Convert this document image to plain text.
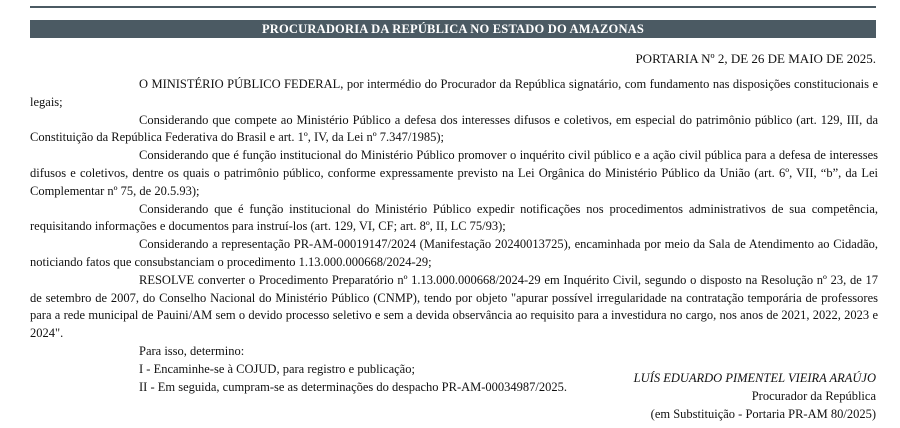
PROCURADORIA DA REPÚBLICA NO ESTADO DO AMAZONAS
PORTARIA Nº 2, DE 26 DE MAIO DE 2025.

O MINISTÉRIO PÚBLICO FEDERAL, por intermédio do Procurador da República signatário, com fundamento nas disposições constitucionais e legais;

Considerando que compete ao Ministério Público a defesa dos interesses difusos e coletivos, em especial do patrimônio público (art. 129, III, da Constituição da República Federativa do Brasil e art. 1º, IV, da Lei nº 7.347/1985);

Considerando que é função institucional do Ministério Público promover o inquérito civil público e a ação civil pública para a defesa de interesses difusos e coletivos, dentre os quais o patrimônio público, conforme expressamente previsto na Lei Orgânica do Ministério Público da União (art. 6º, VII, “b”, da Lei Complementar nº 75, de 20.5.93);

Considerando que é função institucional do Ministério Público expedir notificações nos procedimentos administrativos de sua competência, requisitando informações e documentos para instruí-los (art. 129, VI, CF; art. 8º, II, LC 75/93);

Considerando a representação PR-AM-00019147/2024 (Manifestação 20240013725), encaminhada por meio da Sala de Atendimento ao Cidadão, noticiando fatos que consubstanciam o procedimento 1.13.000.000668/2024-29;

RESOLVE converter o Procedimento Preparatório nº 1.13.000.000668/2024-29 em Inquérito Civil, segundo o disposto na Resolução nº 23, de 17 de setembro de 2007, do Conselho Nacional do Ministério Público (CNMP), tendo por objeto "apurar possível irregularidade na contratação temporária de professores para a rede municipal de Pauini/AM sem o devido processo seletivo e sem a devida observância ao requisito para a investidura no cargo, nos anos de 2021, 2022, 2023 e 2024".

Para isso, determino:

I - Encaminhe-se à COJUD, para registro e publicação;

II - Em seguida, cumpram-se as determinações do despacho PR-AM-00034987/2025.

LUÍS EDUARDO PIMENTEL VIEIRA ARAÚJO
Procurador da República
(em Substituição - Portaria PR-AM 80/2025)
